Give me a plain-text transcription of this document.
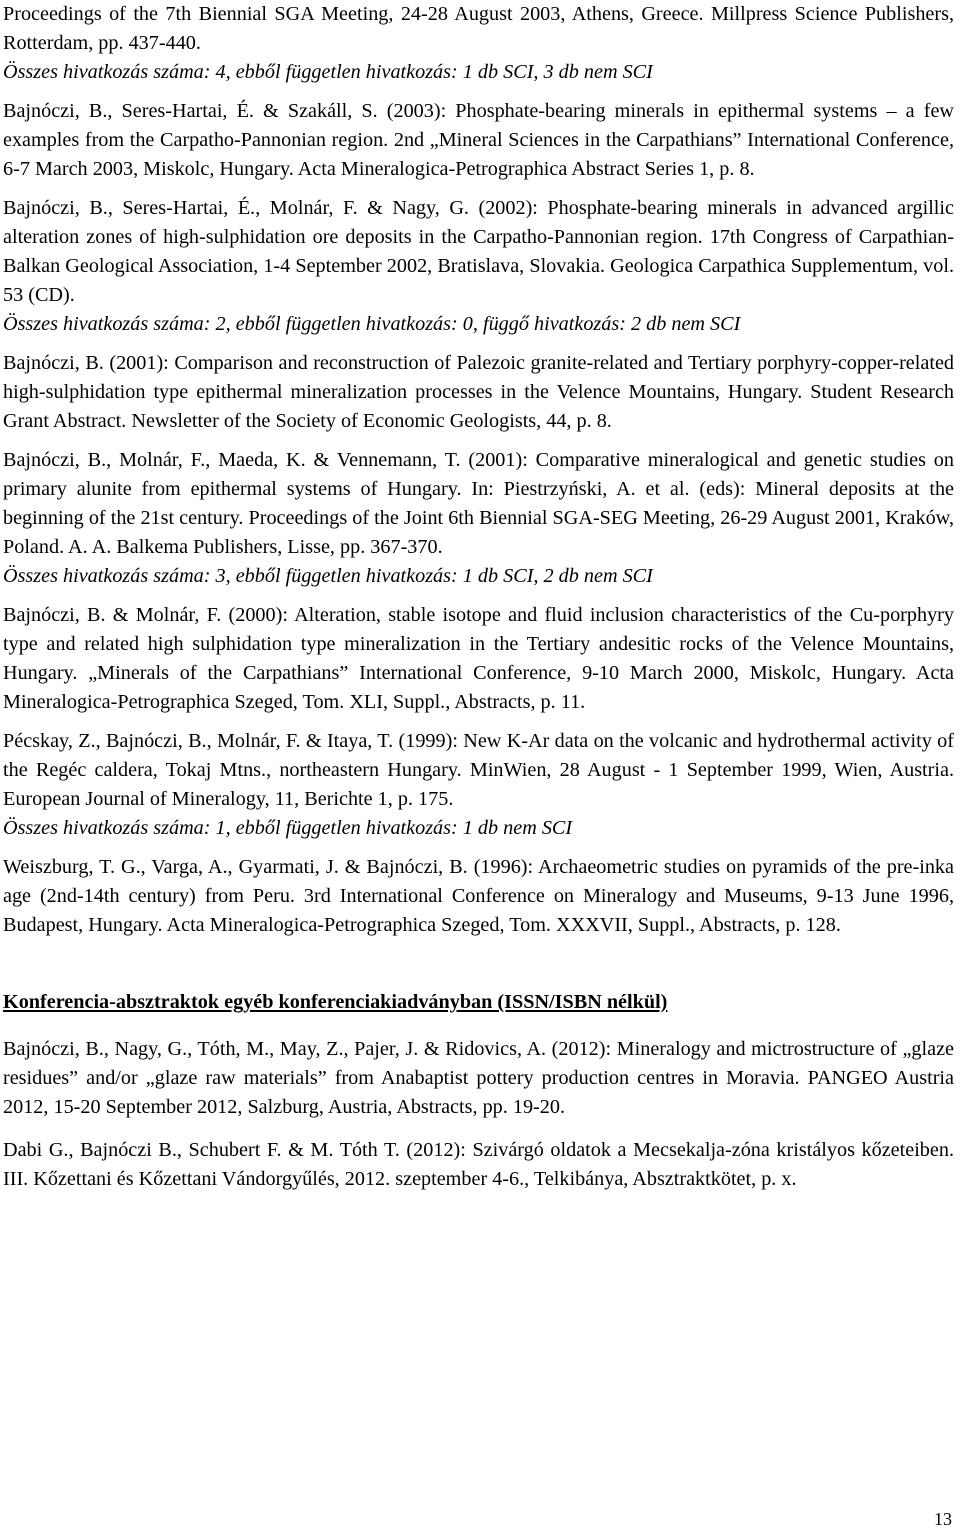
Proceedings of the 7th Biennial SGA Meeting, 24-28 August 2003, Athens, Greece. Millpress Science Publishers, Rotterdam, pp. 437-440.

Összes hivatkozás száma: 4, ebből független hivatkozás: 1 db SCI, 3 db nem SCI

Bajnóczi, B., Seres-Hartai, É. & Szakáll, S. (2003): Phosphate-bearing minerals in epithermal systems – a few examples from the Carpatho-Pannonian region. 2nd „Mineral Sciences in the Carpathians” International Conference, 6-7 March 2003, Miskolc, Hungary. Acta Mineralogica-Petrographica Abstract Series 1, p. 8.

Bajnóczi, B., Seres-Hartai, É., Molnár, F. & Nagy, G. (2002): Phosphate-bearing minerals in advanced argillic alteration zones of high-sulphidation ore deposits in the Carpatho-Pannonian region. 17th Congress of Carpathian-Balkan Geological Association, 1-4 September 2002, Bratislava, Slovakia. Geologica Carpathica Supplementum, vol. 53 (CD).

Összes hivatkozás száma: 2, ebből független hivatkozás: 0, függő hivatkozás: 2 db nem SCI

Bajnóczi, B. (2001): Comparison and reconstruction of Palezoic granite-related and Tertiary porphyry-copper-related high-sulphidation type epithermal mineralization processes in the Velence Mountains, Hungary. Student Research Grant Abstract. Newsletter of the Society of Economic Geologists, 44, p. 8.

Bajnóczi, B., Molnár, F., Maeda, K. & Vennemann, T. (2001): Comparative mineralogical and genetic studies on primary alunite from epithermal systems of Hungary. In: Piestrzyński, A. et al. (eds): Mineral deposits at the beginning of the 21st century. Proceedings of the Joint 6th Biennial SGA-SEG Meeting, 26-29 August 2001, Kraków, Poland. A. A. Balkema Publishers, Lisse, pp. 367-370.

Összes hivatkozás száma: 3, ebből független hivatkozás: 1 db SCI, 2 db nem SCI

Bajnóczi, B. & Molnár, F. (2000): Alteration, stable isotope and fluid inclusion characteristics of the Cu-porphyry type and related high sulphidation type mineralization in the Tertiary andesitic rocks of the Velence Mountains, Hungary. „Minerals of the Carpathians” International Conference, 9-10 March 2000, Miskolc, Hungary. Acta Mineralogica-Petrographica Szeged, Tom. XLI, Suppl., Abstracts, p. 11.

Pécskay, Z., Bajnóczi, B., Molnár, F. & Itaya, T. (1999): New K-Ar data on the volcanic and hydrothermal activity of the Regéc caldera, Tokaj Mtns., northeastern Hungary. MinWien, 28 August - 1 September 1999, Wien, Austria. European Journal of Mineralogy, 11, Berichte 1, p. 175.

Összes hivatkozás száma: 1, ebből független hivatkozás: 1 db nem SCI

Weiszburg, T. G., Varga, A., Gyarmati, J. & Bajnóczi, B. (1996): Archaeometric studies on pyramids of the pre-inka age (2nd-14th century) from Peru. 3rd International Conference on Mineralogy and Museums, 9-13 June 1996, Budapest, Hungary. Acta Mineralogica-Petrographica Szeged, Tom. XXXVII, Suppl., Abstracts, p. 128.

Konferencia-absztraktok egyéb konferenciakiadványban (ISSN/ISBN nélkül)

Bajnóczi, B., Nagy, G., Tóth, M., May, Z., Pajer, J. & Ridovics, A. (2012): Mineralogy and mictrostructure of „glaze residues” and/or „glaze raw materials” from Anabaptist pottery production centres in Moravia. PANGEO Austria 2012, 15-20 September 2012, Salzburg, Austria, Abstracts, pp. 19-20.

Dabi G., Bajnóczi B., Schubert F. & M. Tóth T. (2012): Szivárgó oldatok a Mecsekalja-zóna kristályos kőzeteiben. III. Kőzettani és Kőzettani Vándorgyűlés, 2012. szeptember 4-6., Telkibánya, Absztraktkötet, p. x.

13
